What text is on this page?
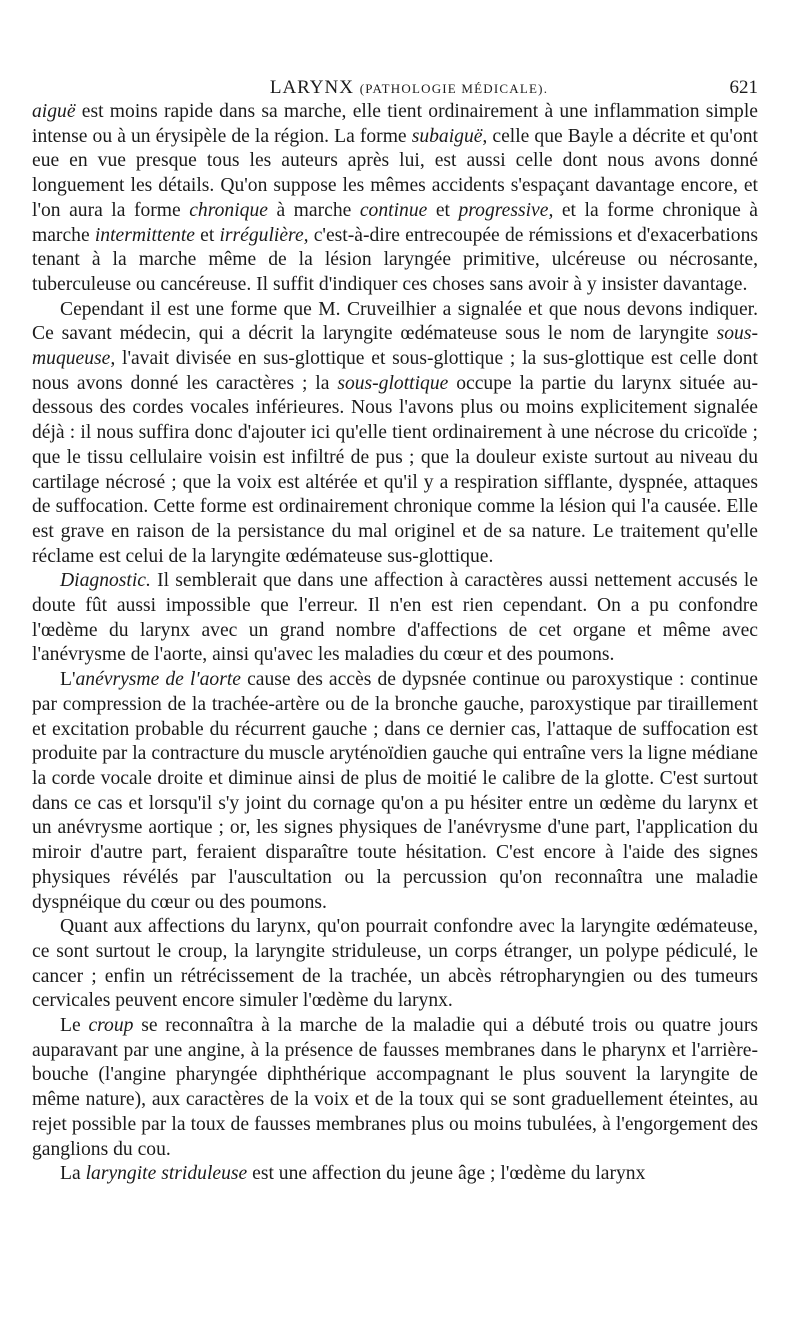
LARYNX (PATHOLOGIE MÉDICALE).	621

aiguë est moins rapide dans sa marche, elle tient ordinairement à une inflammation simple intense ou à un érysipèle de la région. La forme subaiguë, celle que Bayle a décrite et qu'ont eue en vue presque tous les auteurs après lui, est aussi celle dont nous avons donné longuement les détails. Qu'on suppose les mêmes accidents s'espaçant davantage encore, et l'on aura la forme chronique à marche continue et progressive, et la forme chronique à marche intermittente et irrégulière, c'est-à-dire entrecoupée de rémissions et d'exacerbations tenant à la marche même de la lésion laryngée primitive, ulcéreuse ou nécrosante, tuberculeuse ou cancéreuse. Il suffit d'indiquer ces choses sans avoir à y insister davantage.

Cependant il est une forme que M. Cruveilhier a signalée et que nous devons indiquer. Ce savant médecin, qui a décrit la laryngite œdémateuse sous le nom de laryngite sous-muqueuse, l'avait divisée en sus-glottique et sous-glottique ; la sus-glottique est celle dont nous avons donné les caractères ; la sous-glottique occupe la partie du larynx située au-dessous des cordes vocales inférieures. Nous l'avons plus ou moins explicitement signalée déjà : il nous suffira donc d'ajouter ici qu'elle tient ordinairement à une nécrose du cricoïde ; que le tissu cellulaire voisin est infiltré de pus ; que la douleur existe surtout au niveau du cartilage nécrosé ; que la voix est altérée et qu'il y a respiration sifflante, dyspnée, attaques de suffocation. Cette forme est ordinairement chronique comme la lésion qui l'a causée. Elle est grave en raison de la persistance du mal originel et de sa nature. Le traitement qu'elle réclame est celui de la laryngite œdémateuse sus-glottique.

Diagnostic. Il semblerait que dans une affection à caractères aussi nettement accusés le doute fût aussi impossible que l'erreur. Il n'en est rien cependant. On a pu confondre l'œdème du larynx avec un grand nombre d'affections de cet organe et même avec l'anévrysme de l'aorte, ainsi qu'avec les maladies du cœur et des poumons.

L'anévrysme de l'aorte cause des accès de dypsnée continue ou paroxystique : continue par compression de la trachée-artère ou de la bronche gauche, paroxystique par tiraillement et excitation probable du récurrent gauche ; dans ce dernier cas, l'attaque de suffocation est produite par la contracture du muscle aryténoïdien gauche qui entraîne vers la ligne médiane la corde vocale droite et diminue ainsi de plus de moitié le calibre de la glotte. C'est surtout dans ce cas et lorsqu'il s'y joint du cornage qu'on a pu hésiter entre un œdème du larynx et un anévrysme aortique ; or, les signes physiques de l'anévrysme d'une part, l'application du miroir d'autre part, feraient disparaître toute hésitation. C'est encore à l'aide des signes physiques révélés par l'auscultation ou la percussion qu'on reconnaîtra une maladie dyspnéique du cœur ou des poumons.

Quant aux affections du larynx, qu'on pourrait confondre avec la laryngite œdémateuse, ce sont surtout le croup, la laryngite striduleuse, un corps étranger, un polype pédiculé, le cancer ; enfin un rétrécissement de la trachée, un abcès rétropharyngien ou des tumeurs cervicales peuvent encore simuler l'œdème du larynx.

Le croup se reconnaîtra à la marche de la maladie qui a débuté trois ou quatre jours auparavant par une angine, à la présence de fausses membranes dans le pharynx et l'arrière-bouche (l'angine pharyngée diphthérique accompagnant le plus souvent la laryngite de même nature), aux caractères de la voix et de la toux qui se sont graduellement éteintes, au rejet possible par la toux de fausses membranes plus ou moins tubulées, à l'engorgement des ganglions du cou.

La laryngite striduleuse est une affection du jeune âge ; l'œdème du larynx
